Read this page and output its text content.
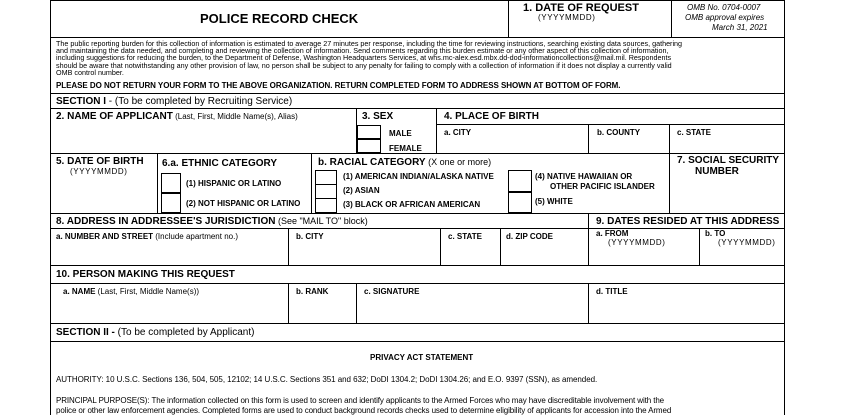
POLICE RECORD CHECK
1. DATE OF REQUEST
(YYYYMMDD)
OMB No. 0704-0007
OMB approval expires
March 31, 2021
The public reporting burden for this collection of information is estimated to average 27 minutes per response, including the time for reviewing instructions, searching existing data sources, gathering
and maintaining the data needed, and completing and reviewing the collection of information. Send comments regarding this burden estimate or any other aspect of this collection of information,
including suggestions for reducing the burden, to the Department of Defense, Washington Headquarters Services, at whs.mc-alex.esd.mbx.dd-dod-informationcollections@mail.mil. Respondents
should be aware that notwithstanding any other provision of law, no person shall be subject to any penalty for failing to comply with a collection of information if it does not display a currently valid
OMB control number.
PLEASE DO NOT RETURN YOUR FORM TO THE ABOVE ORGANIZATION. RETURN COMPLETED FORM TO ADDRESS SHOWN AT BOTTOM OF FORM.
SECTION I - (To be completed by Recruiting Service)
2. NAME OF APPLICANT (Last, First, Middle Name(s), Alias)	3. SEX	4. PLACE OF BIRTH
MALE
FEMALE
a. CITY	b. COUNTY	c. STATE
5. DATE OF BIRTH
(YYYYMMDD)
6.a. ETHNIC CATEGORY
(1) HISPANIC OR LATINO
(2) NOT HISPANIC OR LATINO
b. RACIAL CATEGORY (X one or more)
(1) AMERICAN INDIAN/ALASKA NATIVE
(2) ASIAN
(3) BLACK OR AFRICAN AMERICAN
(4) NATIVE HAWAIIAN OR
OTHER PACIFIC ISLANDER
(5) WHITE
7. SOCIAL SECURITY
NUMBER
8. ADDRESS IN ADDRESSEE'S JURISDICTION (See "MAIL TO" block)	9. DATES RESIDED AT THIS ADDRESS
a. NUMBER AND STREET (Include apartment no.)	b. CITY	c. STATE	d. ZIP CODE	a. FROM
(YYYYMMDD)
b. TO
(YYYYMMDD)
10. PERSON MAKING THIS REQUEST
a. NAME (Last, First, Middle Name(s))	b. RANK	c. SIGNATURE	d. TITLE
SECTION II - (To be completed by Applicant)
PRIVACY ACT STATEMENT
AUTHORITY: 10 U.S.C. Sections 136, 504, 505, 12102; 14 U.S.C. Sections 351 and 632; DoDI 1304.2; DoDI 1304.26; and E.O. 9397 (SSN), as amended.
PRINCIPAL PURPOSE(S): The information collected on this form is used to screen and identify applicants to the Armed Forces who may have discreditable involvement with the
police or other law enforcement agencies. Completed forms are used to conduct background records checks used to determine eligibility of applicants for accession into the Armed
